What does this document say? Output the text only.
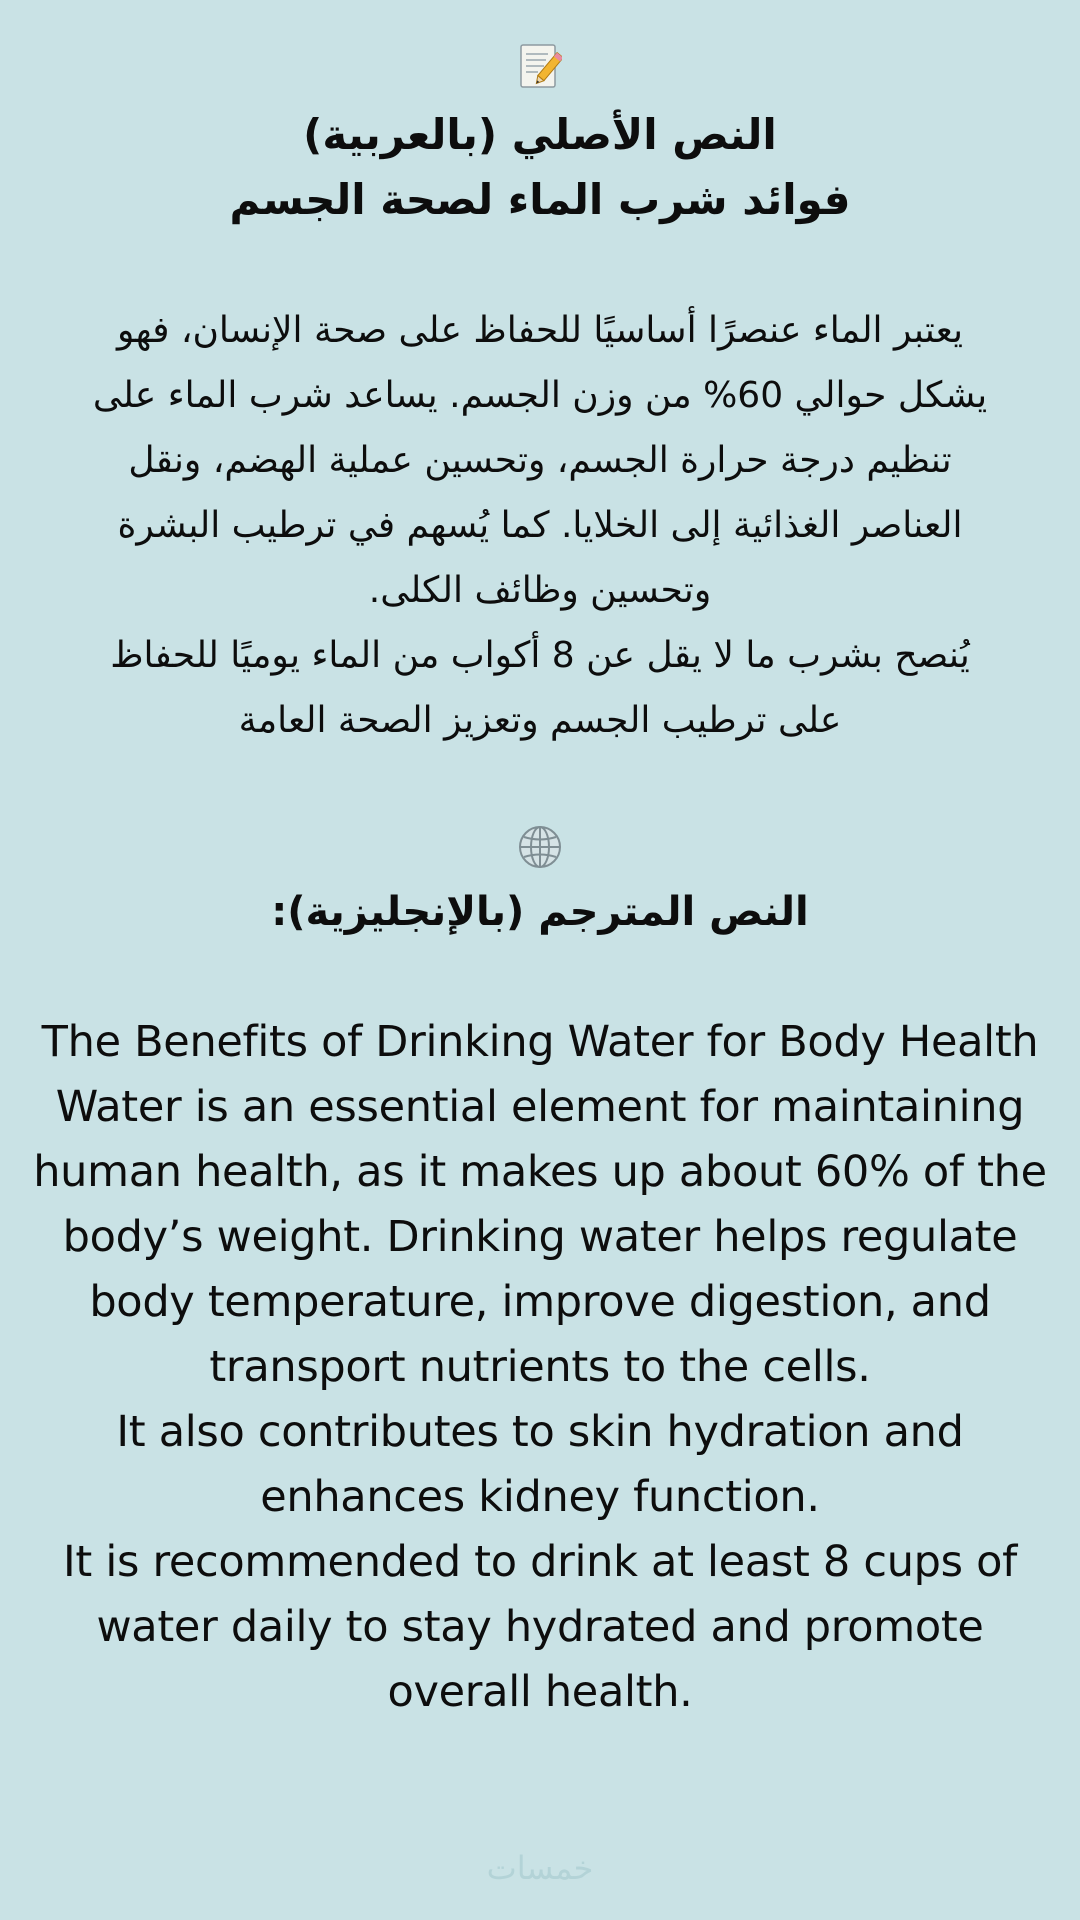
النص الأصلي (بالعربية)
فوائد شرب الماء لصحة الجسم
يعتبر الماء عنصرًا أساسيًا للحفاظ على صحة الإنسان، فهو
يشكل حوالي 60% من وزن الجسم. يساعد شرب الماء على
تنظيم درجة حرارة الجسم، وتحسين عملية الهضم، ونقل
العناصر الغذائية إلى الخلايا. كما يُسهم في ترطيب البشرة
وتحسين وظائف الكلى.
يُنصح بشرب ما لا يقل عن 8 أكواب من الماء يوميًا للحفاظ
على ترطيب الجسم وتعزيز الصحة العامة
النص المترجم (بالإنجليزية):
The Benefits of Drinking Water for Body Health
Water is an essential element for maintaining
human health, as it makes up about 60% of the
body’s weight. Drinking water helps regulate
body temperature, improve digestion, and
transport nutrients to the cells.
It also contributes to skin hydration and
enhances kidney function.
It is recommended to drink at least 8 cups of
water daily to stay hydrated and promote
overall health.
خمسات
